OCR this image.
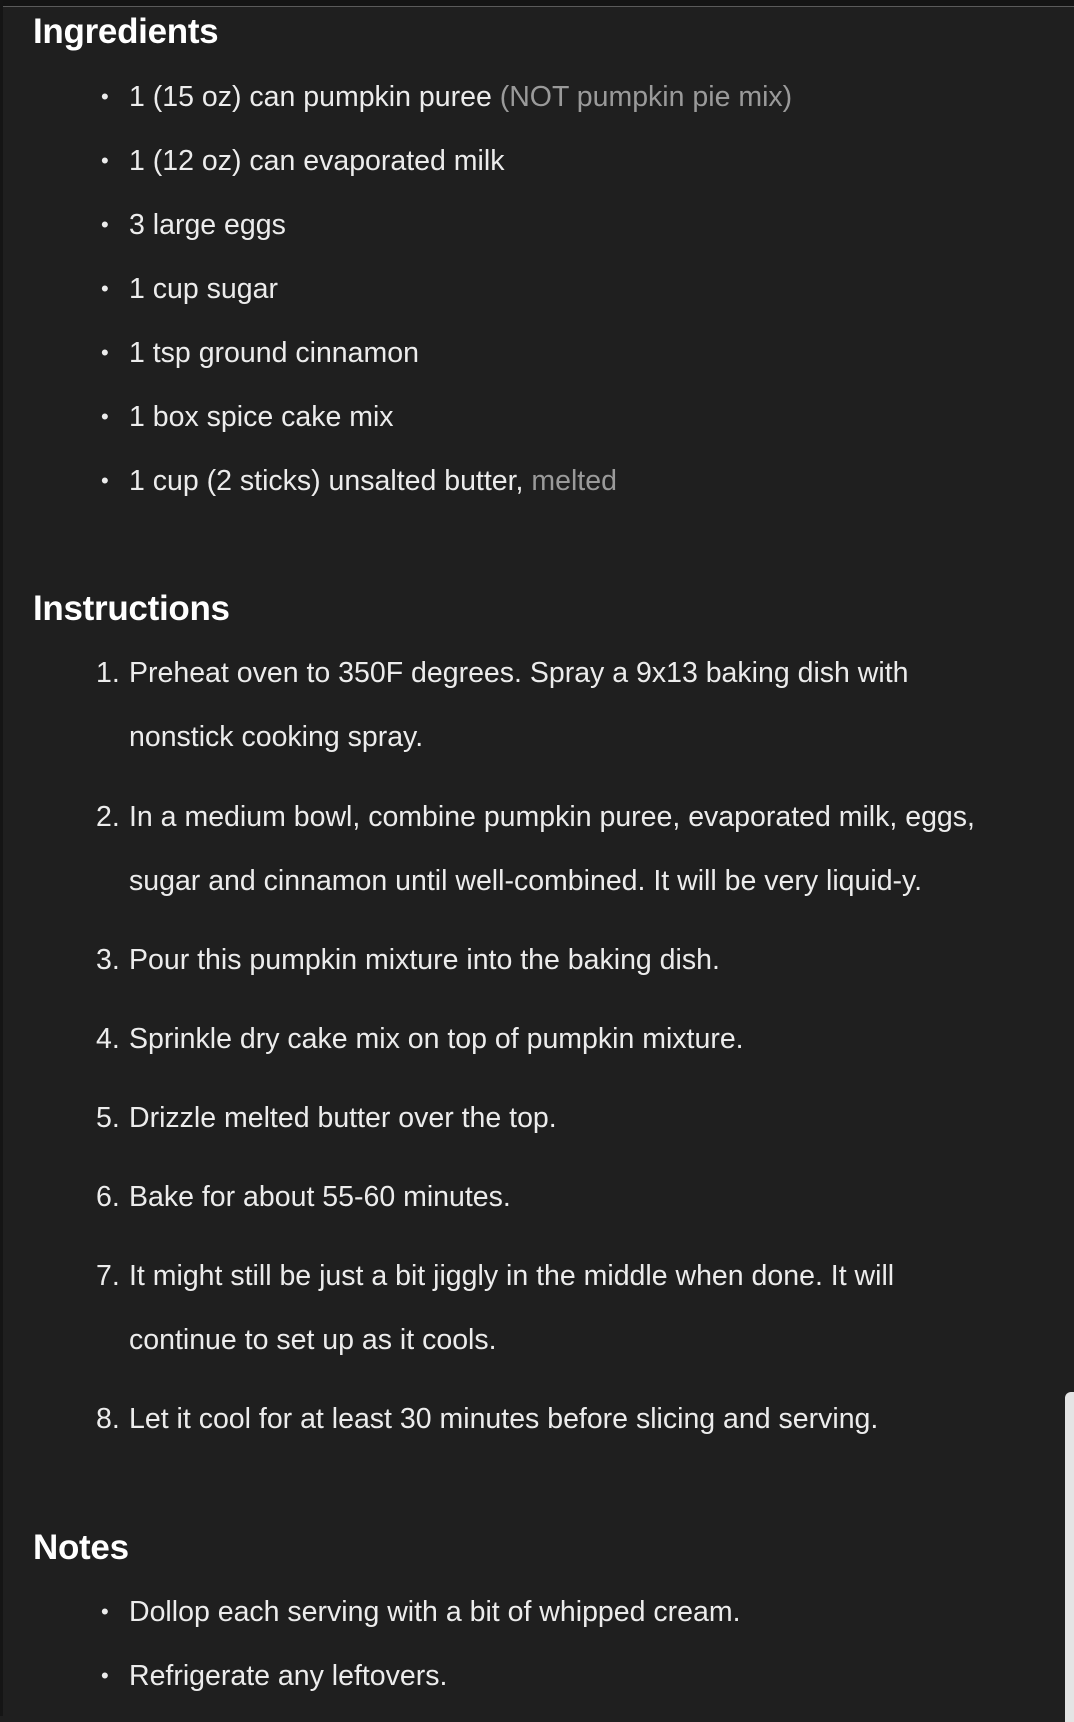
Ingredients
• 1 (15 oz) can pumpkin puree (NOT pumpkin pie mix)
• 1 (12 oz) can evaporated milk
• 3 large eggs
• 1 cup sugar
• 1 tsp ground cinnamon
• 1 box spice cake mix
• 1 cup (2 sticks) unsalted butter, melted
Instructions
1. Preheat oven to 350F degrees. Spray a 9x13 baking dish with
nonstick cooking spray.
2. In a medium bowl, combine pumpkin puree, evaporated milk, eggs,
sugar and cinnamon until well-combined. It will be very liquid-y.
3. Pour this pumpkin mixture into the baking dish.
4. Sprinkle dry cake mix on top of pumpkin mixture.
5. Drizzle melted butter over the top.
6. Bake for about 55-60 minutes.
7. It might still be just a bit jiggly in the middle when done. It will
continue to set up as it cools.
8. Let it cool for at least 30 minutes before slicing and serving.
Notes
• Dollop each serving with a bit of whipped cream.
• Refrigerate any leftovers.
